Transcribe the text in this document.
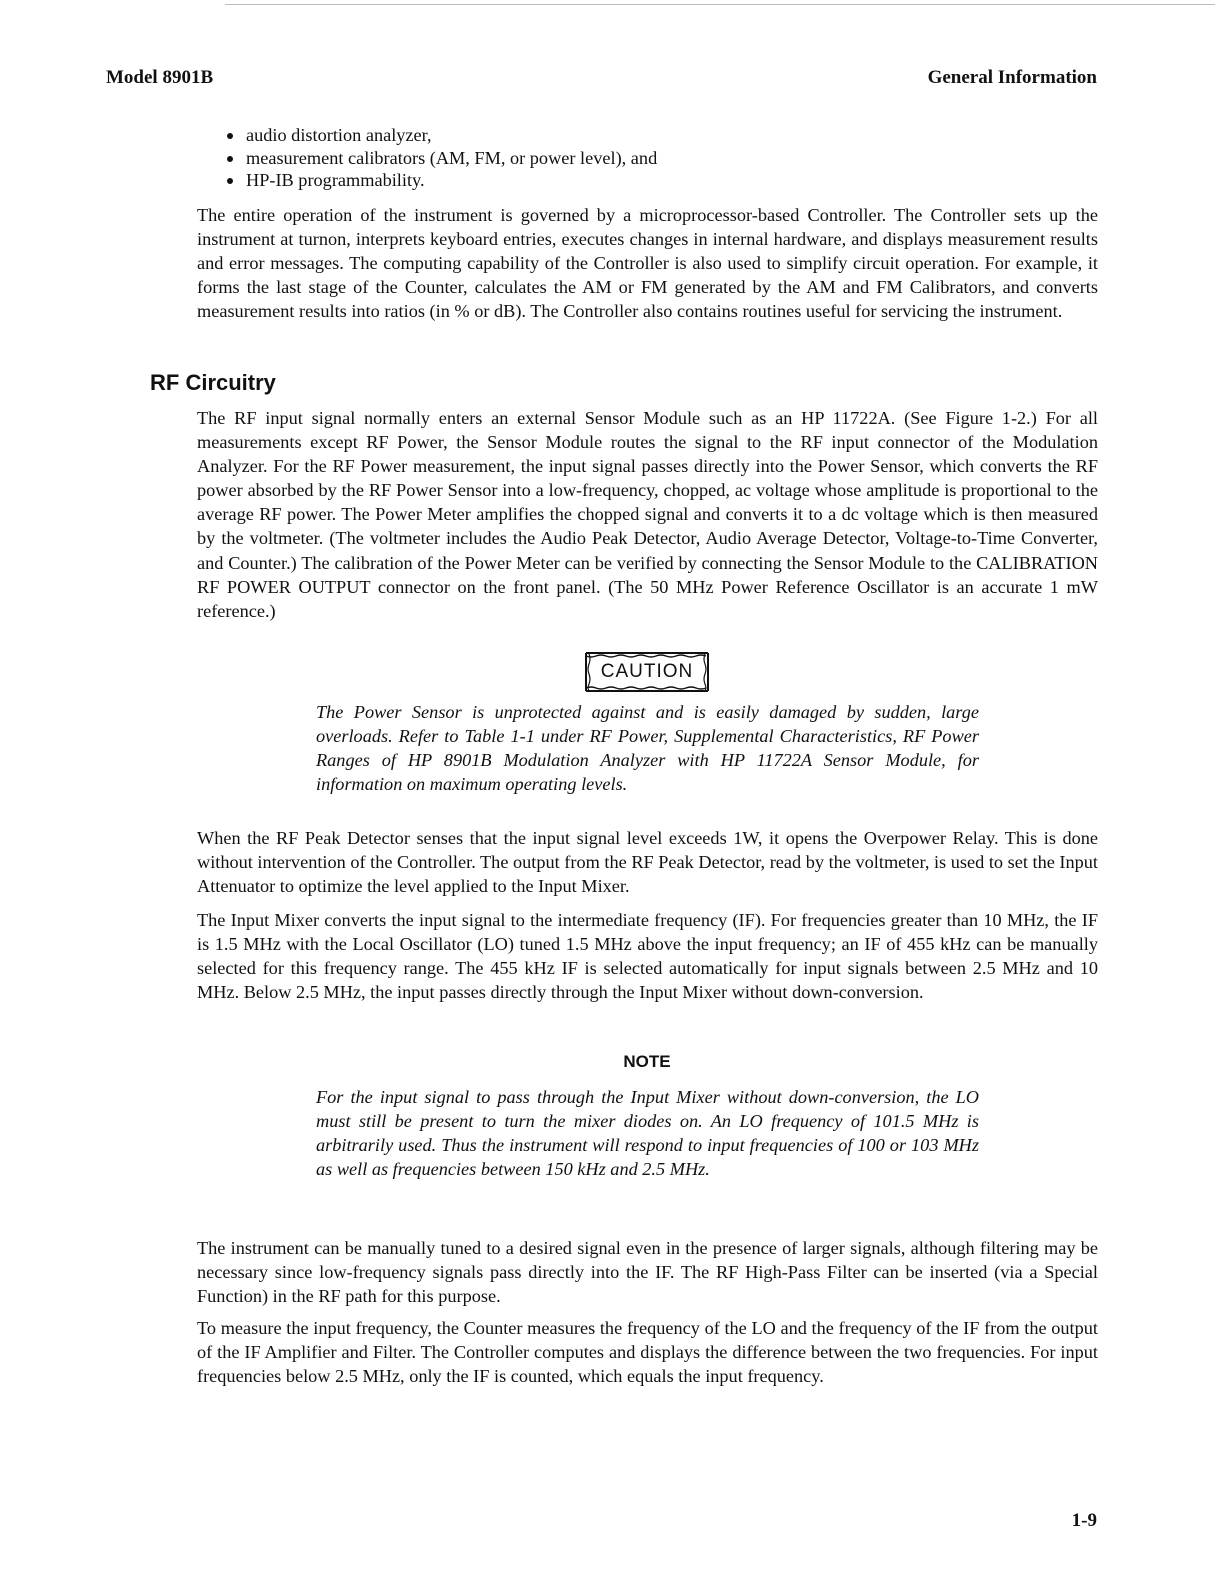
Model 8901B	General Information
audio distortion analyzer,
measurement calibrators (AM, FM, or power level), and
HP-IB programmability.

The entire operation of the instrument is governed by a microprocessor-based Controller. The Controller sets up the instrument at turnon, interprets keyboard entries, executes changes in internal hardware, and displays measurement results and error messages. The computing capability of the Controller is also used to simplify circuit operation. For example, it forms the last stage of the Counter, calculates the AM or FM generated by the AM and FM Calibrators, and converts measurement results into ratios (in % or dB). The Controller also contains routines useful for servicing the instrument.

RF Circuitry

The RF input signal normally enters an external Sensor Module such as an HP 11722A. (See Figure 1-2.) For all measurements except RF Power, the Sensor Module routes the signal to the RF input connector of the Modulation Analyzer. For the RF Power measurement, the input signal passes directly into the Power Sensor, which converts the RF power absorbed by the RF Power Sensor into a low-frequency, chopped, ac voltage whose amplitude is proportional to the average RF power. The Power Meter amplifies the chopped signal and converts it to a dc voltage which is then measured by the voltmeter. (The voltmeter includes the Audio Peak Detector, Audio Average Detector, Voltage-to-Time Converter, and Counter.) The calibration of the Power Meter can be verified by connecting the Sensor Module to the CALIBRATION RF POWER OUTPUT connector on the front panel. (The 50 MHz Power Reference Oscillator is an accurate 1 mW reference.)

CAUTION

The Power Sensor is unprotected against and is easily damaged by sudden, large overloads. Refer to Table 1-1 under RF Power, Supplemental Characteristics, RF Power Ranges of HP 8901B Modulation Analyzer with HP 11722A Sensor Module, for information on maximum operating levels.

When the RF Peak Detector senses that the input signal level exceeds 1W, it opens the Overpower Relay. This is done without intervention of the Controller. The output from the RF Peak Detector, read by the voltmeter, is used to set the Input Attenuator to optimize the level applied to the Input Mixer.

The Input Mixer converts the input signal to the intermediate frequency (IF). For frequencies greater than 10 MHz, the IF is 1.5 MHz with the Local Oscillator (LO) tuned 1.5 MHz above the input frequency; an IF of 455 kHz can be manually selected for this frequency range. The 455 kHz IF is selected automatically for input signals between 2.5 MHz and 10 MHz. Below 2.5 MHz, the input passes directly through the Input Mixer without down-conversion.

NOTE

For the input signal to pass through the Input Mixer without down-conversion, the LO must still be present to turn the mixer diodes on. An LO frequency of 101.5 MHz is arbitrarily used. Thus the instrument will respond to input frequencies of 100 or 103 MHz as well as frequencies between 150 kHz and 2.5 MHz.

The instrument can be manually tuned to a desired signal even in the presence of larger signals, although filtering may be necessary since low-frequency signals pass directly into the IF. The RF High-Pass Filter can be inserted (via a Special Function) in the RF path for this purpose.

To measure the input frequency, the Counter measures the frequency of the LO and the frequency of the IF from the output of the IF Amplifier and Filter. The Controller computes and displays the difference between the two frequencies. For input frequencies below 2.5 MHz, only the IF is counted, which equals the input frequency.

1-9
